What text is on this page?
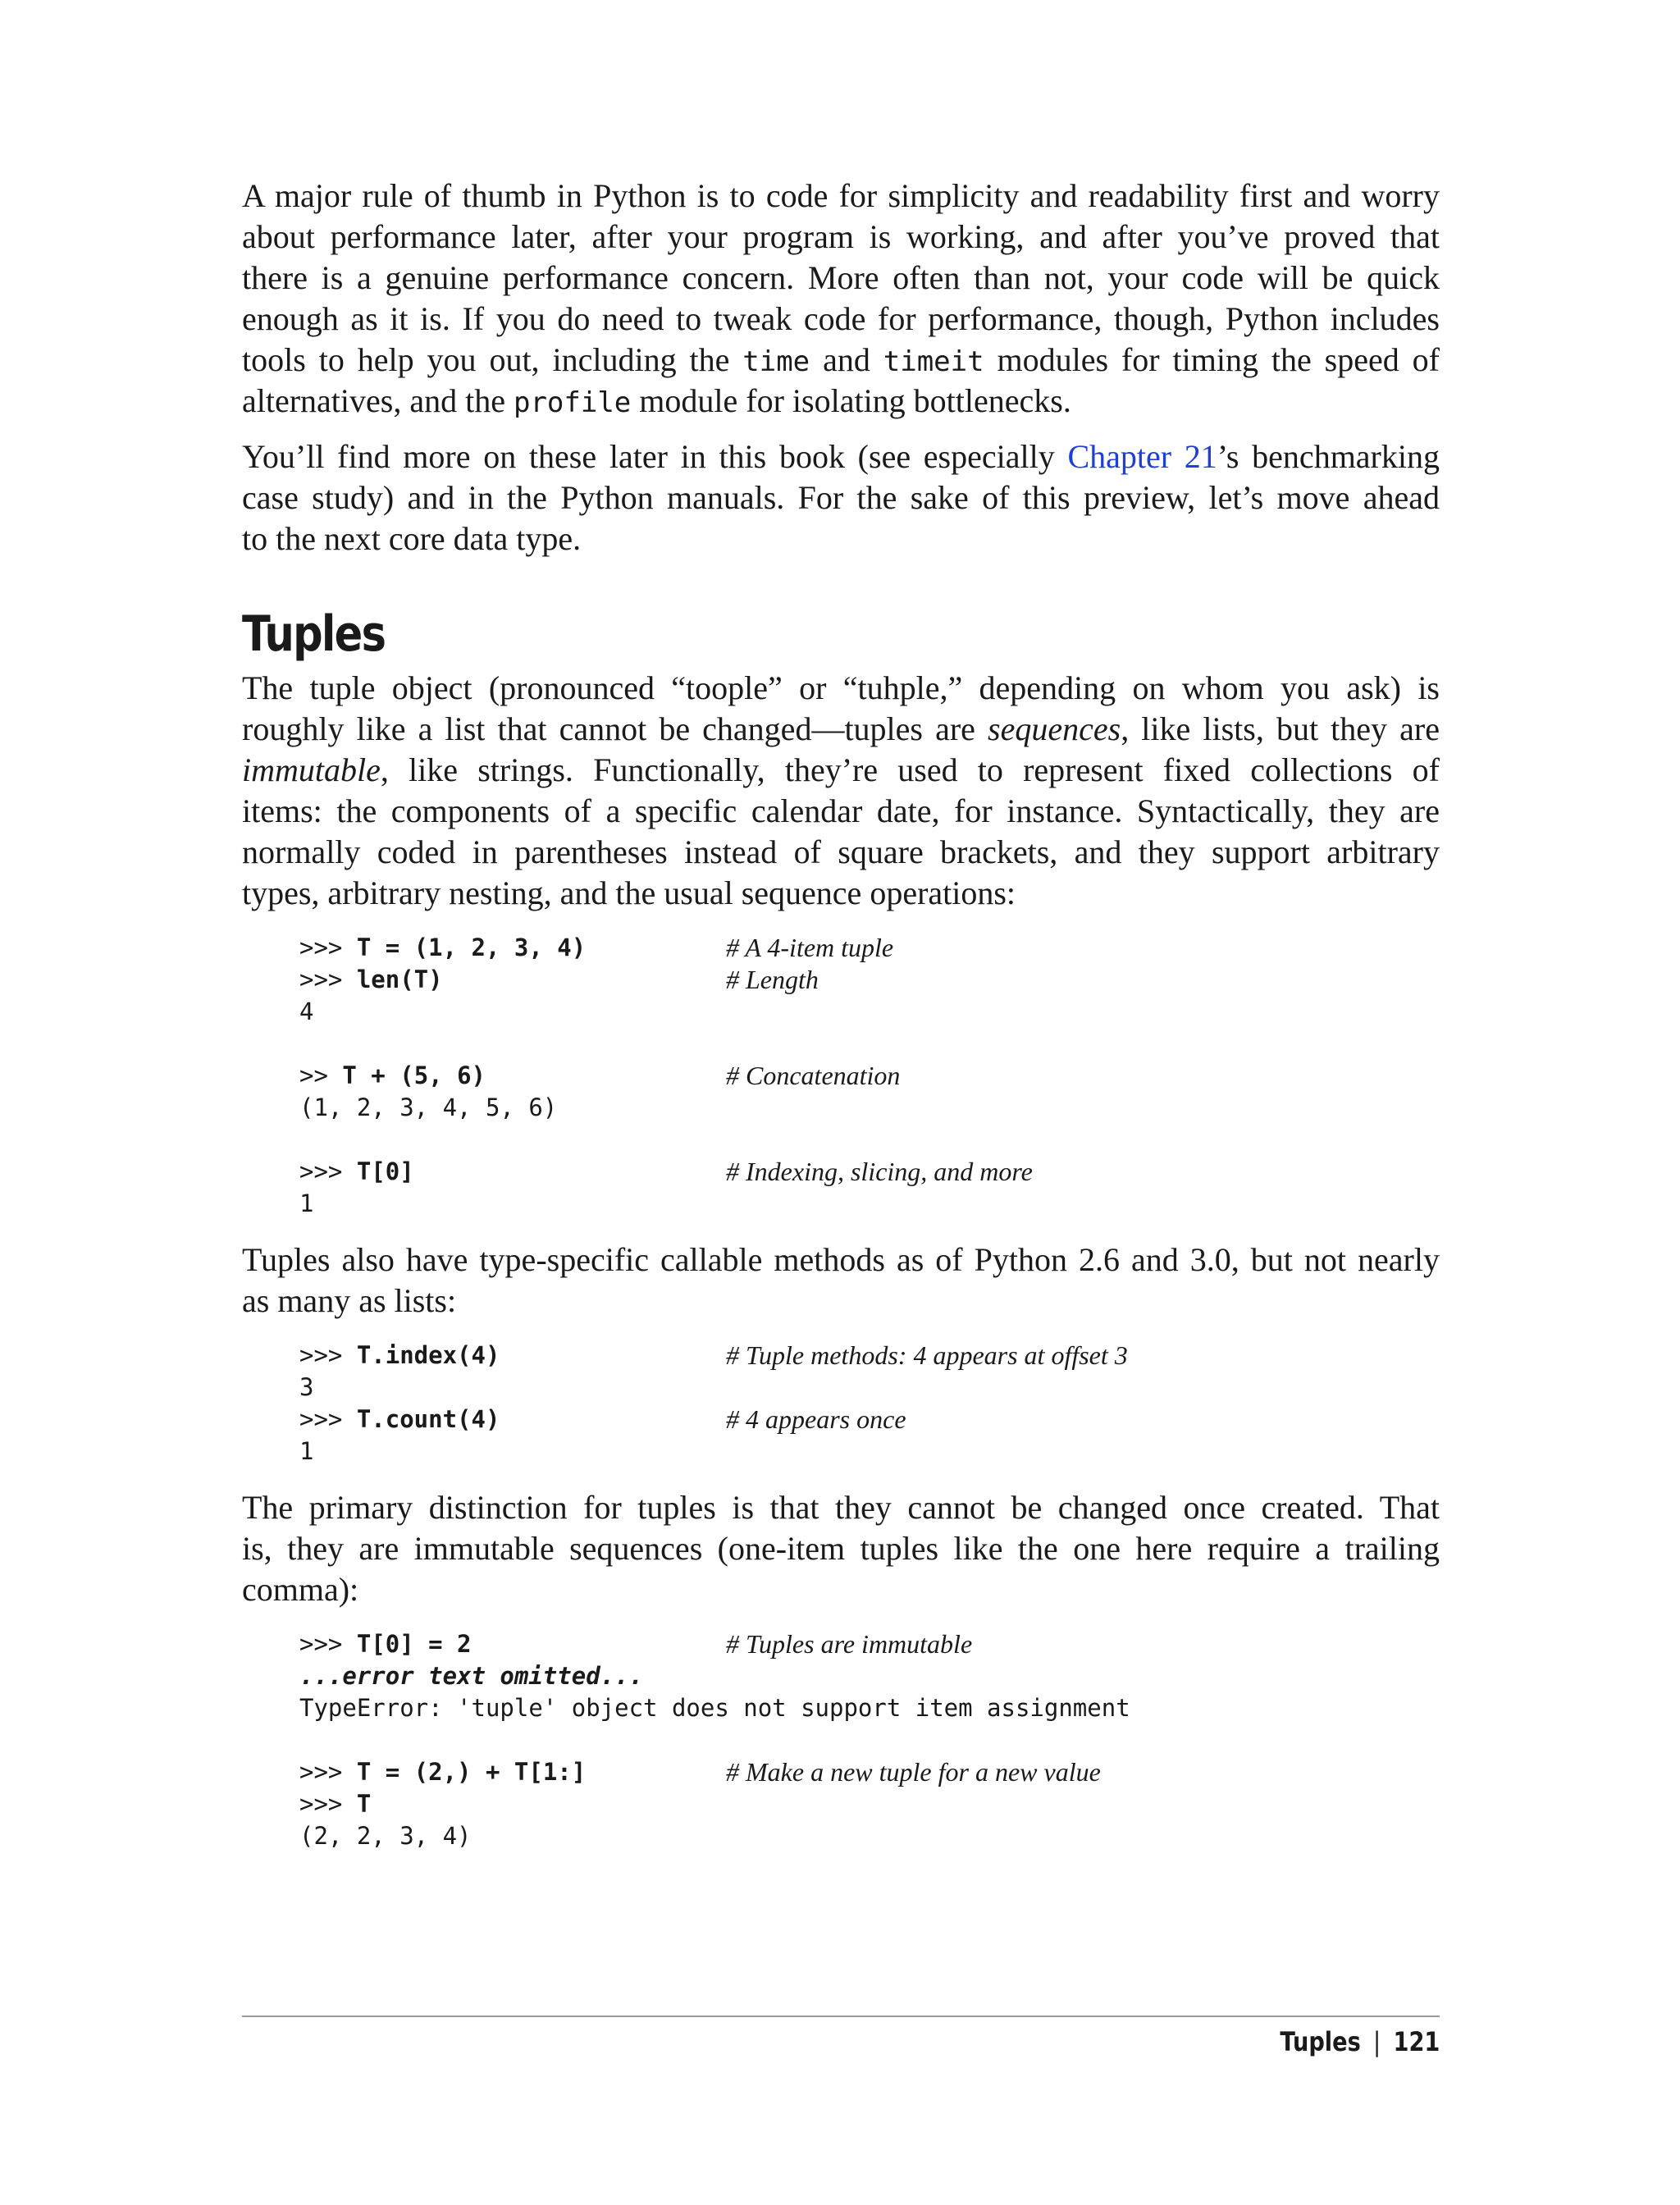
A major rule of thumb in Python is to code for simplicity and readability first and worry
about performance later, after your program is working, and after you’ve proved that
there is a genuine performance concern. More often than not, your code will be quick
enough as it is. If you do need to tweak code for performance, though, Python includes
tools to help you out, including the time and timeit modules for timing the speed of
alternatives, and the profile module for isolating bottlenecks.
You’ll find more on these later in this book (see especially Chapter 21’s benchmarking
case study) and in the Python manuals. For the sake of this preview, let’s move ahead
to the next core data type.
Tuples
The tuple object (pronounced “toople” or “tuhple,” depending on whom you ask) is
roughly like a list that cannot be changed—tuples are sequences, like lists, but they are
immutable, like strings. Functionally, they’re used to represent fixed collections of
items: the components of a specific calendar date, for instance. Syntactically, they are
normally coded in parentheses instead of square brackets, and they support arbitrary
types, arbitrary nesting, and the usual sequence operations:
>>> T = (1, 2, 3, 4)	# A 4-item tuple
>>> len(T)	# Length
4
>> T + (5, 6)	# Concatenation
(1, 2, 3, 4, 5, 6)
>>> T[0]	# Indexing, slicing, and more
1
Tuples also have type-specific callable methods as of Python 2.6 and 3.0, but not nearly
as many as lists:
>>> T.index(4)	# Tuple methods: 4 appears at offset 3
3
>>> T.count(4)	# 4 appears once
1
The primary distinction for tuples is that they cannot be changed once created. That
is, they are immutable sequences (one-item tuples like the one here require a trailing
comma):
>>> T[0] = 2	# Tuples are immutable
...error text omitted...
TypeError: 'tuple' object does not support item assignment
>>> T = (2,) + T[1:]	# Make a new tuple for a new value
>>> T
(2, 2, 3, 4)
Tuples | 121
